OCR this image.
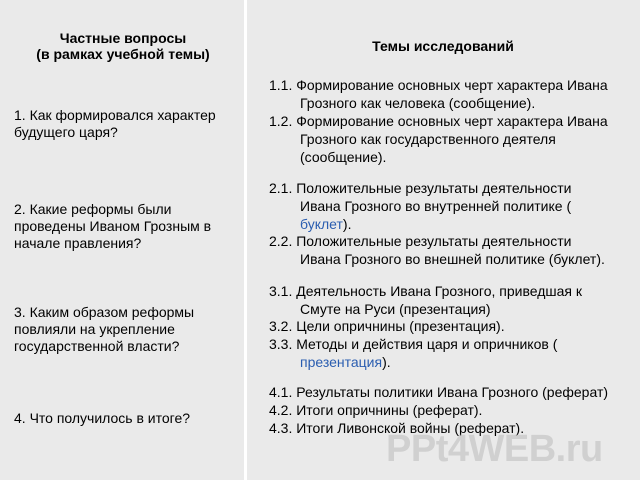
Частные вопросы
(в рамках учебной темы)	Темы исследований
1. Как формировался характер
будущего царя?
2. Какие реформы были
проведены Иваном Грозным в
начале правления?
3. Каким образом реформы
повлияли на укрепление
государственной власти?
4. Что получилось в итоге?
1.1. Формирование основных черт характера Ивана
Грозного как человека (сообщение).
1.2. Формирование основных черт характера Ивана
Грозного как государственного деятеля
(сообщение).
2.1. Положительные результаты деятельности
Ивана Грозного во внутренней политике (
буклет).
2.2. Положительные результаты деятельности
Ивана Грозного во внешней политике (буклет).
3.1. Деятельность Ивана Грозного, приведшая к
Смуте на Руси (презентация)
3.2. Цели опричнины (презентация).
3.3. Методы и действия царя и опричников (
презентация).
4.1. Результаты политики Ивана Грозного (реферат)
4.2. Итоги опричнины (реферат).
4.3. Итоги Ливонской войны (реферат).
PPt4WEB.ru
